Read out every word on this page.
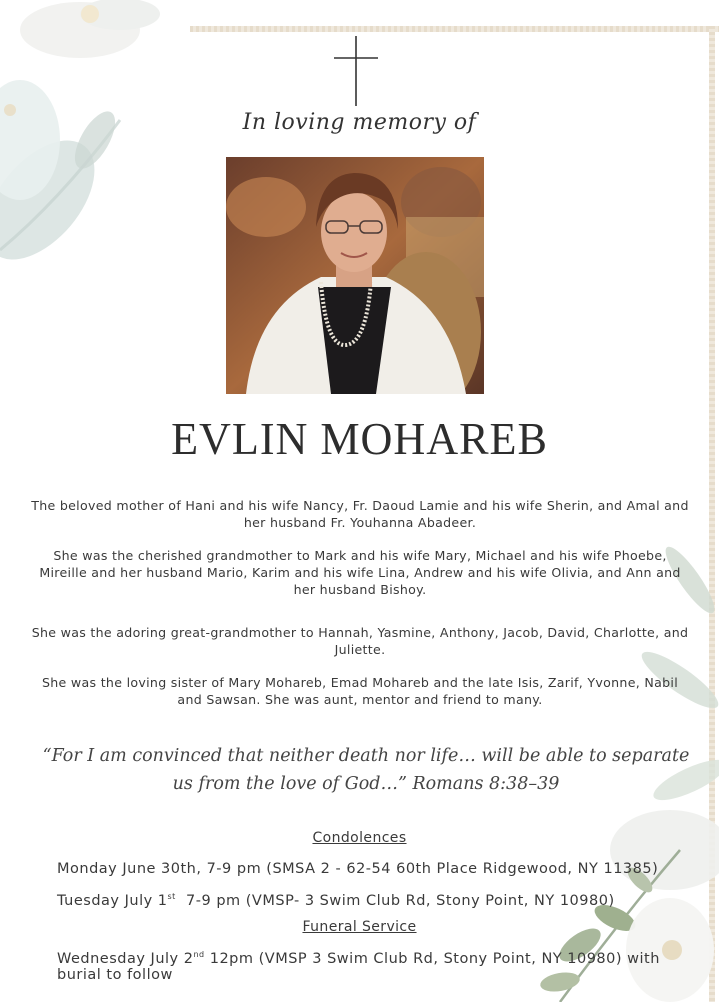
In loving memory of
EVLIN MOHAREB
The beloved mother of Hani and his wife Nancy, Fr. Daoud Lamie and his wife Sherin, and Amal and her husband Fr. Youhanna Abadeer.
She was the cherished grandmother to Mark and his wife Mary, Michael and his wife Phoebe, Mireille and her husband Mario, Karim and his wife Lina, Andrew and his wife Olivia, and Ann and her husband Bishoy.
She was the adoring great-grandmother to Hannah, Yasmine, Anthony, Jacob, David, Charlotte, and Juliette.
She was the loving sister of Mary Mohareb, Emad Mohareb and the late Isis, Zarif, Yvonne, Nabil and Sawsan. She was aunt, mentor and friend to many.
“For I am convinced that neither death nor life… will be able to separate us from the love of God…” Romans 8:38–39
Condolences
Monday June 30th, 7-9 pm (SMSA 2 - 62-54 60th Place Ridgewood, NY 11385)
Tuesday July 1st 7-9 pm (VMSP- 3 Swim Club Rd, Stony Point, NY 10980)
Funeral Service
Wednesday July 2nd 12pm (VMSP 3 Swim Club Rd, Stony Point, NY 10980) with burial to follow
